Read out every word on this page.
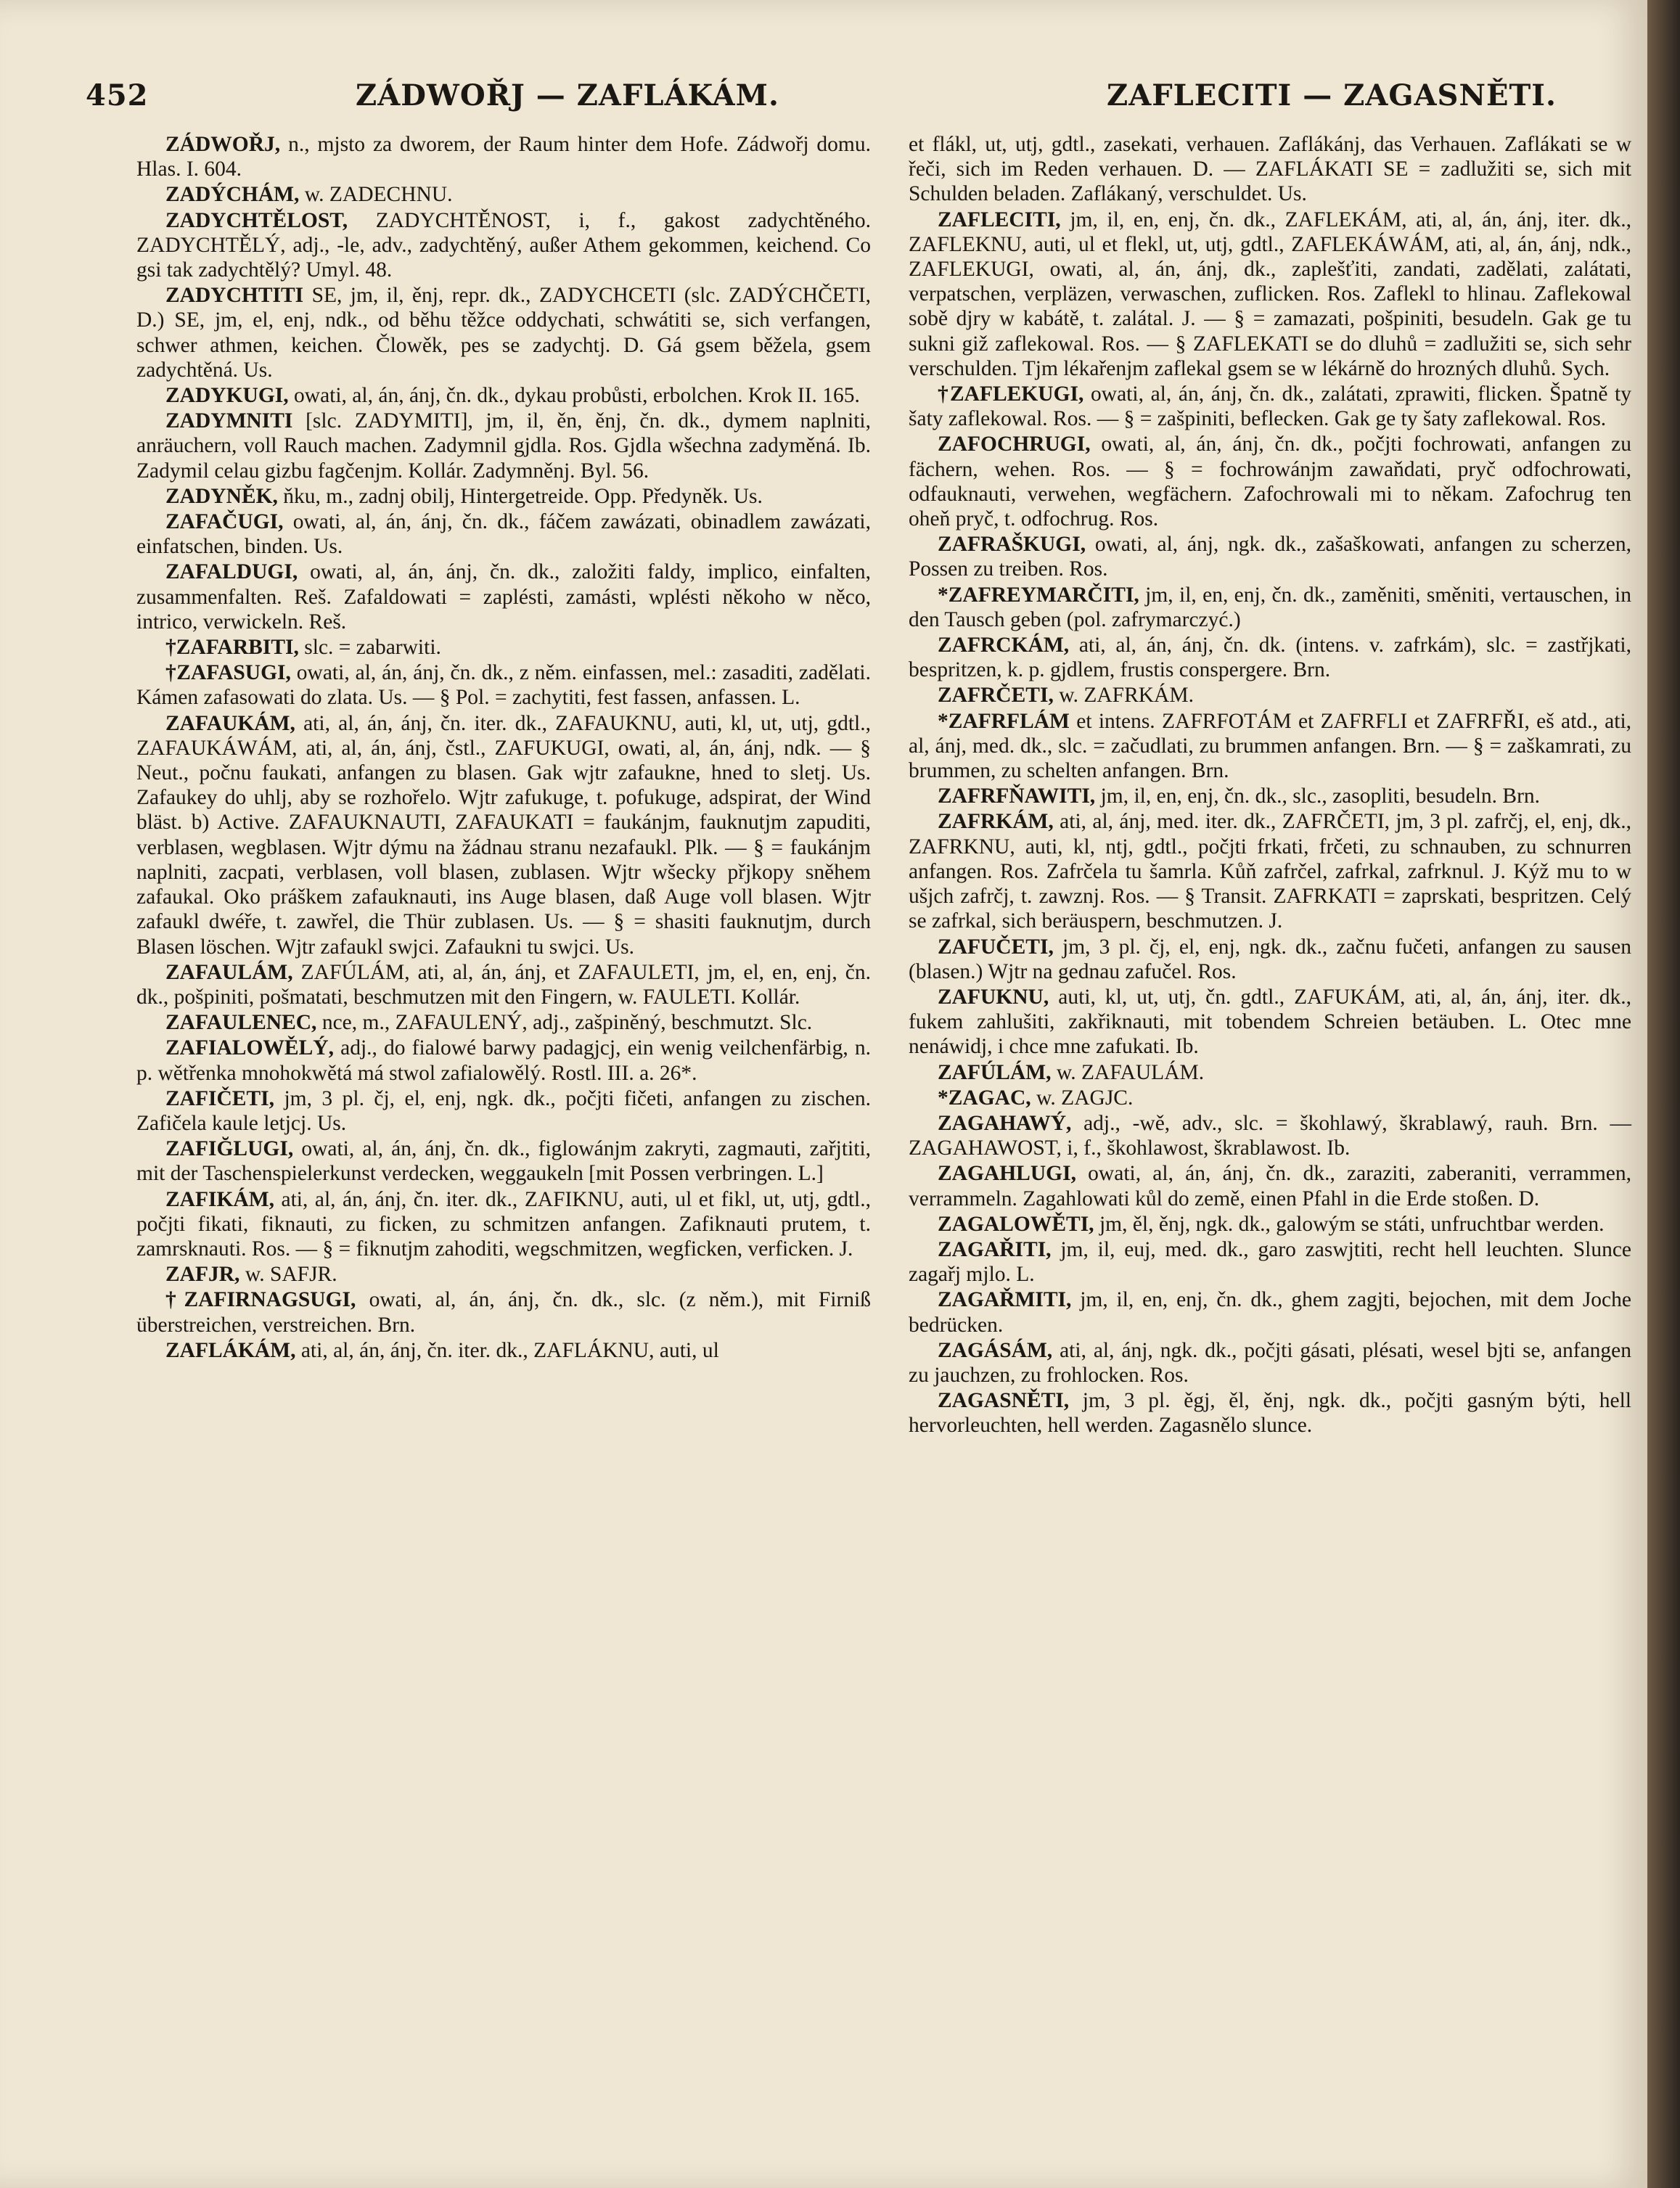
452	ZÁDWOŘJ — ZAFLÁKÁM.	ZAFLECITI — ZAGASNĚTI.
ZÁDWOŘJ, n., mjsto za dworem, der Raum hinter dem Hofe. Zádwořj domu. Hlas. I. 604.
ZADÝCHÁM, w. ZADECHNU.
ZADYCHTĚLOST, ZADYCHTĚNOST, i, f., gakost zadychtěného. ZADYCHTĚLÝ, adj., -le, adv., zadychtěný, außer Athem gekommen, keichend. Co gsi tak zadychtělý? Umyl. 48.
ZADYCHTITI SE, jm, il, ěnj, repr. dk., ZADYCHCETI (slc. ZADÝCHČETI, D.) SE, jm, el, enj, ndk., od běhu těžce oddychati, schwátiti se, sich verfangen, schwer athmen, keichen. Člowěk, pes se zadychtj. D. Gá gsem běžela, gsem zadychtěná. Us.
ZADYKUGI, owati, al, án, ánj, čn. dk., dykau probůsti, erbolchen. Krok II. 165.
ZADYMNITI [slc. ZADYMITI], jm, il, ěn, ěnj, čn. dk., dymem naplniti, anräuchern, voll Rauch machen. Zadymnil gjdla. Ros. Gjdla wšechna zadyměná. Ib. Zadymil celau gizbu fagčenjm. Kollár. Zadymněnj. Byl. 56.
ZADYNĚK, ňku, m., zadnj obilj, Hintergetreide. Opp. Předyněk. Us.
ZAFAČUGI, owati, al, án, ánj, čn. dk., fáčem zawázati, obinadlem zawázati, einfatschen, binden. Us.
ZAFALDUGI, owati, al, án, ánj, čn. dk., založiti faldy, implico, einfalten, zusammenfalten. Reš. Zafaldowati = zaplésti, zamásti, wplésti někoho w něco, intrico, verwickeln. Reš.
†ZAFARBITI, slc. = zabarwiti.
†ZAFASUGI, owati, al, án, ánj, čn. dk., z něm. einfassen, mel.: zasaditi, zadělati. Kámen zafasowati do zlata. Us. — § Pol. = zachytiti, fest fassen, anfassen. L.
ZAFAUKÁM, ati, al, án, ánj, čn. iter. dk., ZAFAUKNU, auti, kl, ut, utj, gdtl., ZAFAUKÁWÁM, ati, al, án, ánj, čstl., ZAFUKUGI, owati, al, án, ánj, ndk. — § Neut., počnu faukati, anfangen zu blasen. Gak wjtr zafaukne, hned to sletj. Us. Zafaukey do uhlj, aby se rozhořelo. Wjtr zafukuge, t. pofukuge, adspirat, der Wind bläst. b) Active. ZAFAUKNAUTI, ZAFAUKATI = faukánjm, fauknutjm zapuditi, verblasen, wegblasen. Wjtr dýmu na žádnau stranu nezafaukl. Plk. — § = faukánjm naplniti, zacpati, verblasen, voll blasen, zublasen. Wjtr wšecky přjkopy sněhem zafaukal. Oko práškem zafauknauti, ins Auge blasen, daß Auge voll blasen. Wjtr zafaukl dwéře, t. zawřel, die Thür zublasen. Us. — § = shasiti fauknutjm, durch Blasen löschen. Wjtr zafaukl swjci. Zafaukni tu swjci. Us.
ZAFAULÁM, ZAFÚLÁM, ati, al, án, ánj, et ZAFAULETI, jm, el, en, enj, čn. dk., pošpiniti, pošmatati, beschmutzen mit den Fingern, w. FAULETI. Kollár.
ZAFAULENEC, nce, m., ZAFAULENÝ, adj., zašpiněný, beschmutzt. Slc.
ZAFIALOWĚLÝ, adj., do fialowé barwy padagjcj, ein wenig veilchenfärbig, n. p. wětřenka mnohokwětá má stwol zafialowělý. Rostl. III. a. 26*.
ZAFIČETI, jm, 3 pl. čj, el, enj, ngk. dk., počjti fičeti, anfangen zu zischen. Zafičela kaule letjcj. Us.
ZAFIĞLUGI, owati, al, án, ánj, čn. dk., figlowánjm zakryti, zagmauti, zařjtiti, mit der Taschenspielerkunst verdecken, weggaukeln [mit Possen verbringen. L.]
ZAFIKÁM, ati, al, án, ánj, čn. iter. dk., ZAFIKNU, auti, ul et fikl, ut, utj, gdtl., počjti fikati, fiknauti, zu ficken, zu schmitzen anfangen. Zafiknauti prutem, t. zamrsknauti. Ros. — § = fiknutjm zahoditi, wegschmitzen, wegficken, verficken. J.
ZAFJR, w. SAFJR.
†ZAFIRNAGSUGI, owati, al, án, ánj, čn. dk., slc. (z něm.), mit Firniß überstreichen, verstreichen. Brn.
ZAFLÁKÁM, ati, al, án, ánj, čn. iter. dk., ZAFLÁKNU, auti, ul
et flákl, ut, utj, gdtl., zasekati, verhauen. Zaflákánj, das Verhauen. Zaflákati se w řeči, sich im Reden verhauen. D. — ZAFLÁKATI SE = zadlužiti se, sich mit Schulden beladen. Zaflákaný, verschuldet. Us.
ZAFLECITI, jm, il, en, enj, čn. dk., ZAFLEKÁM, ati, al, án, ánj, iter. dk., ZAFLEKNU, auti, ul et flekl, ut, utj, gdtl., ZAFLEKÁWÁM, ati, al, án, ánj, ndk., ZAFLEKUGI, owati, al, án, ánj, dk., zaplešťiti, zandati, zadělati, zalátati, verpatschen, verpläzen, verwaschen, zuflicken. Ros. Zaflekl to hlinau. Zaflekowal sobě djry w kabátě, t. zalátal. J. — § = zamazati, pošpiniti, besudeln. Gak ge tu sukni giž zaflekowal. Ros. — § ZAFLEKATI se do dluhů = zadlužiti se, sich sehr verschulden. Tjm lékařenjm zaflekal gsem se w lékárně do hrozných dluhů. Sych.
†ZAFLEKUGI, owati, al, án, ánj, čn. dk., zalátati, zprawiti, flicken. Špatně ty šaty zaflekowal. Ros. — § = zašpiniti, beflecken. Gak ge ty šaty zaflekowal. Ros.
ZAFOCHRUGI, owati, al, án, ánj, čn. dk., počjti fochrowati, anfangen zu fächern, wehen. Ros. — § = fochrowánjm zawaňdati, pryč odfochrowati, odfauknauti, verwehen, wegfächern. Zafochrowali mi to někam. Zafochrug ten oheň pryč, t. odfochrug. Ros.
ZAFRAŠKUGI, owati, al, ánj, ngk. dk., zašaškowati, anfangen zu scherzen, Possen zu treiben. Ros.
*ZAFREYMARČITI, jm, il, en, enj, čn. dk., zaměniti, směniti, vertauschen, in den Tausch geben (pol. zafrymarczyć.)
ZAFRCKÁM, ati, al, án, ánj, čn. dk. (intens. v. zafrkám), slc. = zastřjkati, bespritzen, k. p. gjdlem, frustis conspergere. Brn.
ZAFRČETI, w. ZAFRKÁM.
*ZAFRFLÁM et intens. ZAFRFOTÁM et ZAFRFLI et ZAFRFŘI, eš atd., ati, al, ánj, med. dk., slc. = začudlati, zu brummen anfangen. Brn. — § = zaškamrati, zu brummen, zu schelten anfangen. Brn.
ZAFRFŇAWITI, jm, il, en, enj, čn. dk., slc., zasopliti, besudeln. Brn.
ZAFRKÁM, ati, al, ánj, med. iter. dk., ZAFRČETI, jm, 3 pl. zafrčj, el, enj, dk., ZAFRKNU, auti, kl, ntj, gdtl., počjti frkati, frčeti, zu schnauben, zu schnurren anfangen. Ros. Zafrčela tu šamrla. Kůň zafrčel, zafrkal, zafrknul. J. Kýž mu to w ušjch zafrčj, t. zawznj. Ros. — § Transit. ZAFRKATI = zaprskati, bespritzen. Celý se zafrkal, sich beräuspern, beschmutzen. J.
ZAFUČETI, jm, 3 pl. čj, el, enj, ngk. dk., začnu fučeti, anfangen zu sausen (blasen.) Wjtr na gednau zafučel. Ros.
ZAFUKNU, auti, kl, ut, utj, čn. gdtl., ZAFUKÁM, ati, al, án, ánj, iter. dk., fukem zahlušiti, zakřiknauti, mit tobendem Schreien betäuben. L. Otec mne nenáwidj, i chce mne zafukati. Ib.
ZAFÚLÁM, w. ZAFAULÁM.
*ZAGAC, w. ZAGJC.
ZAGAHAWÝ, adj., -wě, adv., slc. = škohlawý, škrablawý, rauh. Brn. — ZAGAHAWOST, i, f., škohlawost, škrablawost. Ib.
ZAGAHLUGI, owati, al, án, ánj, čn. dk., zaraziti, zaberaniti, verrammen, verrammeln. Zagahlowati kůl do země, einen Pfahl in die Erde stoßen. D.
ZAGALOWĚTI, jm, ěl, ěnj, ngk. dk., galowým se státi, unfruchtbar werden.
ZAGAŘITI, jm, il, euj, med. dk., garo zaswjtiti, recht hell leuchten. Slunce zagařj mjlo. L.
ZAGAŘMITI, jm, il, en, enj, čn. dk., ghem zagjti, bejochen, mit dem Joche bedrücken.
ZAGÁSÁM, ati, al, ánj, ngk. dk., počjti gásati, plésati, wesel bjti se, anfangen zu jauchzen, zu frohlocken. Ros.
ZAGASNĚTI, jm, 3 pl. ěgj, ěl, ěnj, ngk. dk., počjti gasným býti, hell hervorleuchten, hell werden. Zagasnělo slunce.
